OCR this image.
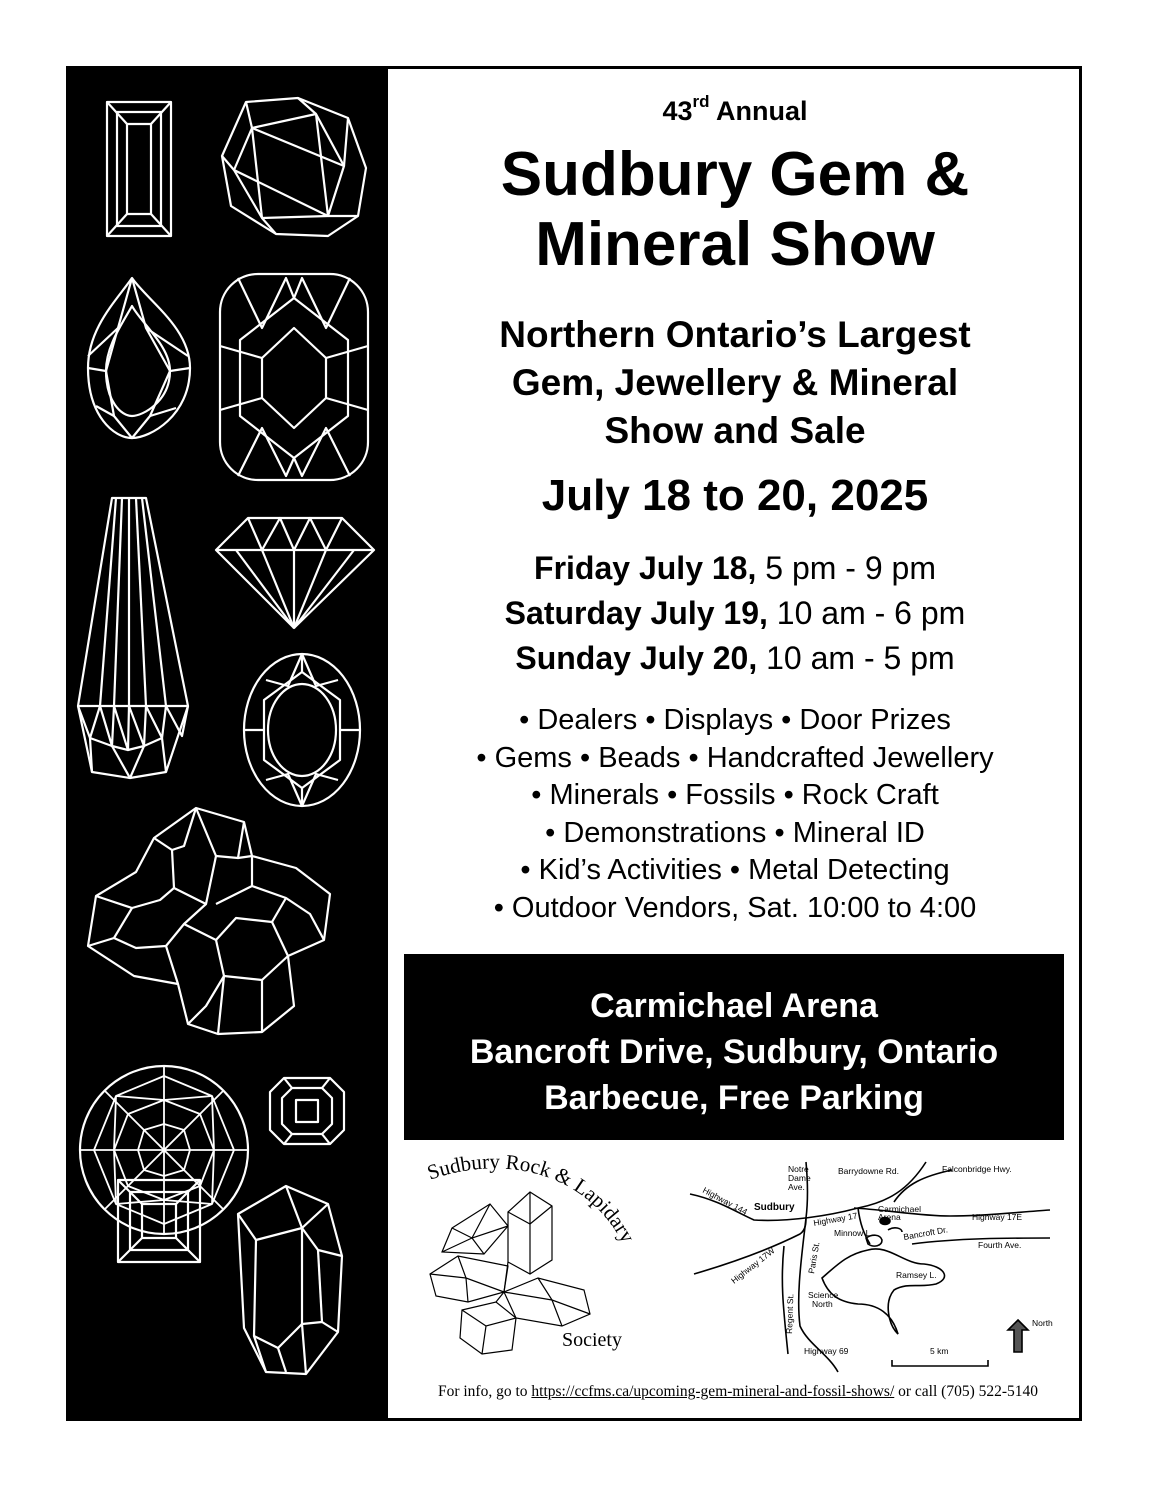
43rd Annual
Sudbury Gem &
Mineral Show
Northern Ontario’s Largest
Gem, Jewellery & Mineral
Show and Sale
July 18 to 20, 2025
Friday July 18, 5 pm - 9 pm
Saturday July 19, 10 am - 6 pm
Sunday July 20, 10 am - 5 pm
• Dealers • Displays • Door Prizes
• Gems • Beads • Handcrafted Jewellery
• Minerals • Fossils • Rock Craft
• Demonstrations • Mineral ID
• Kid’s Activities • Metal Detecting
• Outdoor Vendors, Sat. 10:00 to 4:00
Carmichael Arena
Bancroft Drive, Sudbury, Ontario
Barbecue, Free Parking
Sudbury Rock & Lapidary
Society
Notre
Dame
Ave.
Barrydowne Rd.	Falconbridge Hwy.
Sudbury
Highway 144
Highway 17
Carmichael
Arena	Highway 17E
Minnow L.	Bancroft Dr.
Fourth Ave.
Highway 17W	Paris St.
Ramsey L.
Regent St. Science
North
North
Highway 69	5 km
For info, go to https://ccfms.ca/upcoming-gem-mineral-and-fossil-shows/ or call (705) 522-5140
